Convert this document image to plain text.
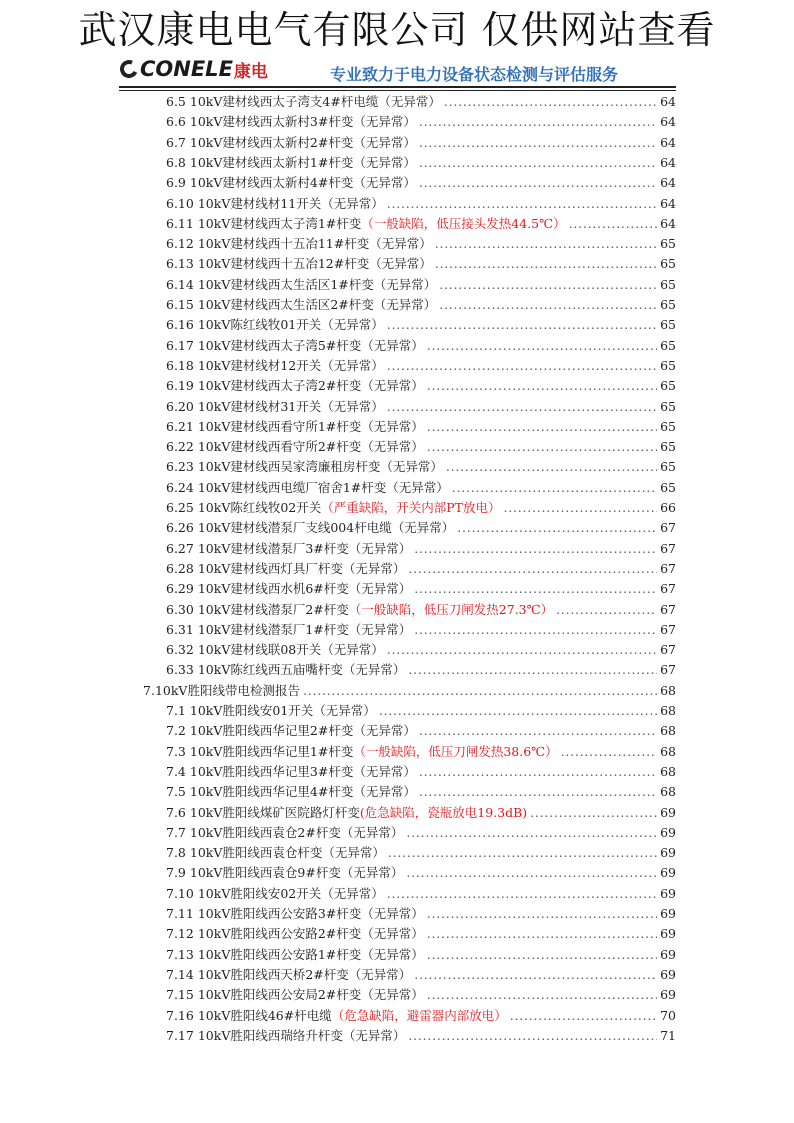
武汉康电电气有限公司 仅供网站查看
CONELE 康电	专业致力于电力设备状态检测与评估服务
6.5 10kV建材线西太子湾支4#杆电缆（无异常） . . .	64
6.6 10kV建材线西太新村3#杆变（无异常） . . .	64
6.7 10kV建材线西太新村2#杆变（无异常） . . .	64
6.8 10kV建材线西太新村1#杆变（无异常） . . .	64
6.9 10kV建材线西太新村4#杆变（无异常） . . .	64
6.10 10kV建材线材11开关（无异常） . . .	64
6.11 10kV建材线西太子湾1#杆变 （一般缺陷，低压接头发热44.5℃） . . .	64
6.12 10kV建材线西十五冶11#杆变（无异常） . . .	65
6.13 10kV建材线西十五冶12#杆变（无异常） . . .	65
6.14 10kV建材线西太生活区1#杆变（无异常） . . .	65
6.15 10kV建材线西太生活区2#杆变（无异常） . . .	65
6.16 10kV陈红线牧01开关（无异常） . . .	65
6.17 10kV建材线西太子湾5#杆变（无异常） . . .	65
6.18 10kV建材线材12开关（无异常） . . .	65
6.19 10kV建材线西太子湾2#杆变（无异常） . . .	65
6.20 10kV建材线材31开关（无异常） . . .	65
6.21 10kV建材线西看守所1#杆变（无异常） . . .	65
6.22 10kV建材线西看守所2#杆变（无异常） . . .	65
6.23 10kV建材线西吴家湾廉租房杆变（无异常） . . .	65
6.24 10kV建材线西电缆厂宿舍1#杆变（无异常） . . .	65
6.25 10kV陈红线牧02开关 （严重缺陷，开关内部PT放电） . . .	66
6.26 10kV建材线潜泵厂支线004杆电缆（无异常） . . .	67
6.27 10kV建材线潜泵厂3#杆变（无异常） . . .	67
6.28 10kV建材线西灯具厂杆变（无异常） . . .	67
6.29 10kV建材线西水机6#杆变（无异常） . . .	67
6.30 10kV建材线潜泵厂2#杆变 （一般缺陷，低压刀闸发热27.3℃） . . .	67
6.31 10kV建材线潜泵厂1#杆变（无异常） . . .	67
6.32 10kV建材线联08开关（无异常） . . .	67
6.33 10kV陈红线西五庙嘴杆变（无异常） . . .	67
7. 10kV胜阳线带电检测报告 . . .	68
7.1 10kV胜阳线安01开关（无异常） . . .	68
7.2 10kV胜阳线西华记里2#杆变（无异常） . . .	68
7.3 10kV胜阳线西华记里1#杆变 （一般缺陷，低压刀闸发热38.6℃） . . .	68
7.4 10kV胜阳线西华记里3#杆变（无异常） . . .	68
7.5 10kV胜阳线西华记里4#杆变（无异常） . . .	68
7.6 10kV胜阳线煤矿医院路灯杆变 (危急缺陷，瓷瓶放电19.3dB) . . .	69
7.7 10kV胜阳线西袁仓2#杆变（无异常） . . .	69
7.8 10kV胜阳线西袁仓杆变（无异常） . . .	69
7.9 10kV胜阳线西袁仓9#杆变（无异常） . . .	69
7.10 10kV胜阳线安02开关（无异常） . . .	69
7.11 10kV胜阳线西公安路3#杆变（无异常） . . .	69
7.12 10kV胜阳线西公安路2#杆变（无异常） . . .	69
7.13 10kV胜阳线西公安路1#杆变（无异常） . . .	69
7.14 10kV胜阳线西天桥2#杆变（无异常） . . .	69
7.15 10kV胜阳线西公安局2#杆变（无异常） . . .	69
7.16 10kV胜阳线46#杆电缆 （危急缺陷，避雷器内部放电） . . .	70
7.17 10kV胜阳线西瑞络升杆变（无异常） . . .	71
